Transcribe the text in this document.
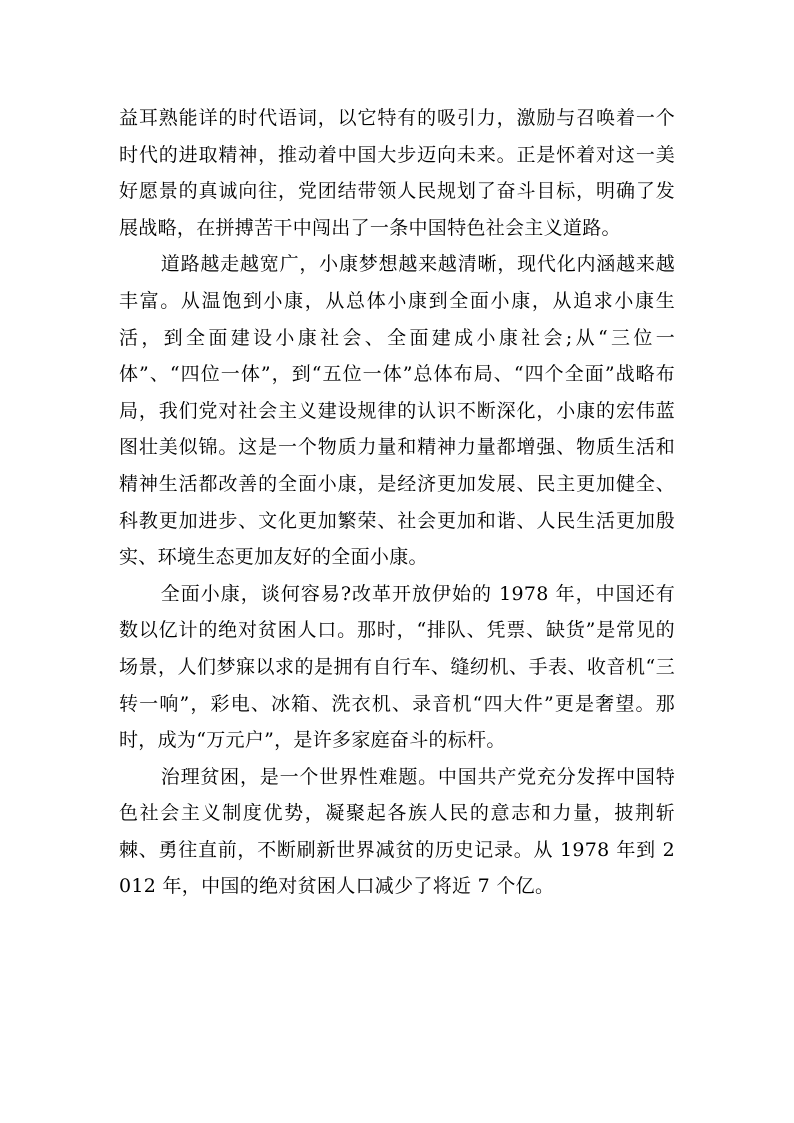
益耳熟能详的时代语词，以它特有的吸引力，激励与召唤着一个时代的进取精神，推动着中国大步迈向未来。正是怀着对这一美好愿景的真诚向往，党团结带领人民规划了奋斗目标，明确了发展战略，在拼搏苦干中闯出了一条中国特色社会主义道路。

道路越走越宽广，小康梦想越来越清晰，现代化内涵越来越丰富。从温饱到小康，从总体小康到全面小康，从追求小康生活，到全面建设小康社会、全面建成小康社会;从“三位一体”、“四位一体”，到“五位一体”总体布局、“四个全面”战略布局，我们党对社会主义建设规律的认识不断深化，小康的宏伟蓝图壮美似锦。这是一个物质力量和精神力量都增强、物质生活和精神生活都改善的全面小康，是经济更加发展、民主更加健全、科教更加进步、文化更加繁荣、社会更加和谐、人民生活更加殷实、环境生态更加友好的全面小康。

全面小康，谈何容易?改革开放伊始的 1978 年，中国还有数以亿计的绝对贫困人口。那时，“排队、凭票、缺货”是常见的场景，人们梦寐以求的是拥有自行车、缝纫机、手表、收音机“三转一响”，彩电、冰箱、洗衣机、录音机“四大件”更是奢望。那时，成为“万元户”，是许多家庭奋斗的标杆。

治理贫困，是一个世界性难题。中国共产党充分发挥中国特色社会主义制度优势，凝聚起各族人民的意志和力量，披荆斩棘、勇往直前，不断刷新世界减贫的历史记录。从 1978 年到 2012 年，中国的绝对贫困人口减少了将近 7 个亿。
